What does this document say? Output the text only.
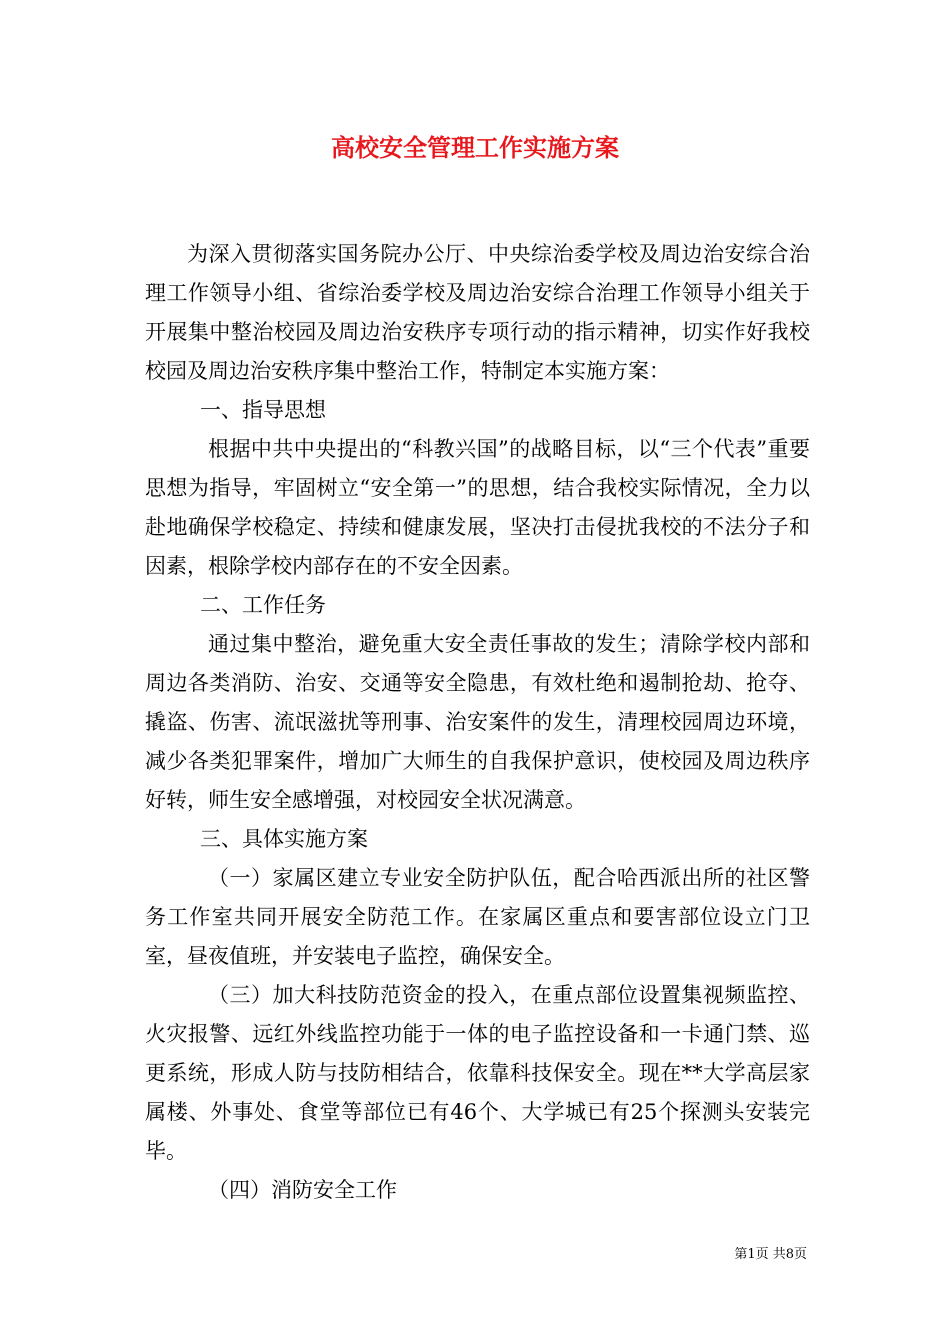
高校安全管理工作实施方案

为深入贯彻落实国务院办公厅、中央综治委学校及周边治安综合治理工作领导小组、省综治委学校及周边治安综合治理工作领导小组关于开展集中整治校园及周边治安秩序专项行动的指示精神，切实作好我校校园及周边治安秩序集中整治工作，特制定本实施方案：

一、指导思想

根据中共中央提出的“科教兴国”的战略目标，以“三个代表”重要思想为指导，牢固树立“安全第一”的思想，结合我校实际情况，全力以赴地确保学校稳定、持续和健康发展，坚决打击侵扰我校的不法分子和因素，根除学校内部存在的不安全因素。

二、工作任务

通过集中整治，避免重大安全责任事故的发生；清除学校内部和周边各类消防、治安、交通等安全隐患，有效杜绝和遏制抢劫、抢夺、撬盗、伤害、流氓滋扰等刑事、治安案件的发生，清理校园周边环境，减少各类犯罪案件，增加广大师生的自我保护意识，使校园及周边秩序好转，师生安全感增强，对校园安全状况满意。

三、具体实施方案

（一）家属区建立专业安全防护队伍，配合哈西派出所的社区警务工作室共同开展安全防范工作。在家属区重点和要害部位设立门卫室，昼夜值班，并安装电子监控，确保安全。

（三）加大科技防范资金的投入，在重点部位设置集视频监控、火灾报警、远红外线监控功能于一体的电子监控设备和一卡通门禁、巡更系统，形成人防与技防相结合，依靠科技保安全。现在**大学高层家属楼、外事处、食堂等部位已有46个、大学城已有25个探测头安装完毕。

（四）消防安全工作

第1页 共8页
